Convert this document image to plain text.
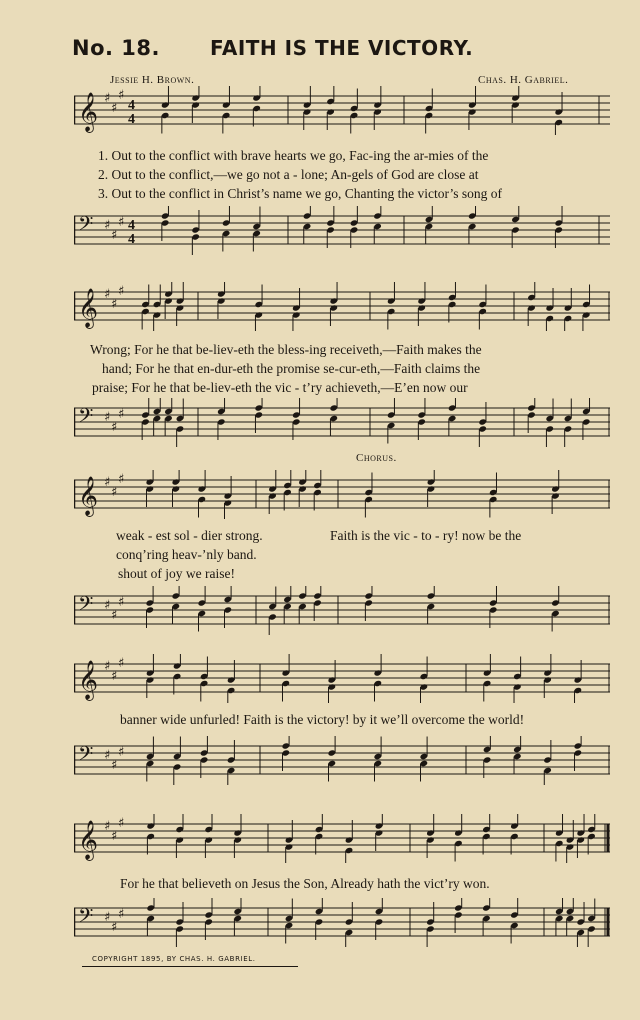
No. 18.	FAITH IS THE VICTORY.
Jessie H. Brown.	Chas. H. Gabriel.
𝄞 ♯
♯
♯
4
4
1. Out to the conflict with brave hearts we go, Fac-ing the ar-mies of the
2. Out to the conflict,—we go not a - lone; An-gels of God are close at
3. Out to the conflict in Christ’s name we go, Chanting the victor’s song of
𝄢 ♯
♯
♯ 4
4
𝄞 ♯
♯
♯
Wrong; For he that be-liev-eth the bless-ing receiveth,—Faith makes the
hand; For he that en-dur-eth the promise se-cur-eth,—Faith claims the
praise; For he that be-liev-eth the vic - t’ry achieveth,—E’en now our
𝄢 ♯
♯
♯
Chorus.
𝄞 ♯
♯
♯
weak - est sol - dier strong.	Faith is the vic - to - ry! now be the
conq’ring heav-’nly band.
shout of joy we raise!
𝄢 ♯
♯
♯
𝄞 ♯
♯
♯
banner wide unfurled! Faith is the victory! by it we’ll overcome the world!
𝄢 ♯
♯
♯
𝄞 ♯
♯
♯
For he that believeth on Jesus the Son, Already hath the vict’ry won.
𝄢 ♯
♯
♯
COPYRIGHT 1895, BY CHAS. H. GABRIEL.
